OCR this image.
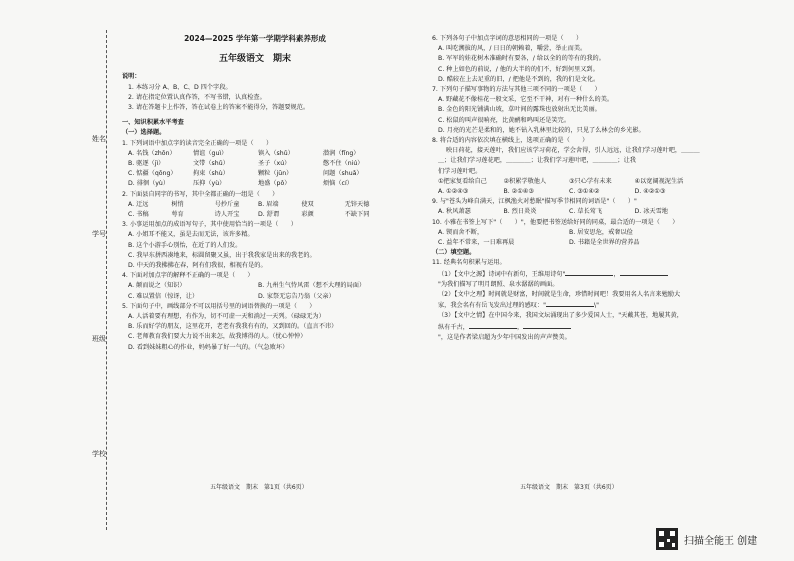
姓名
学号
班级
学校
2024—2025 学年第一学期学科素养形成
五年级语文　期末

说明：

1. 本练习分 A、B、C、D 四个字段。

2. 请在指定位置认真作答，不写书错，认真检查。

3. 请在答题卡上作答，答在试卷上的答案不能得分，答题要规范。

一、知识积累水平考查

（一）选择题。

1. 下列词语中加点字的读音完全正确的一项是（　　）

A. 名钱（zhōn）	情谊（guì）	镇入（shǔ）	潜润（fǐng）
B. 驱逐（jì）	文带（shǔ）	圣子（xú）	憋不住（niú）
C. 惦疆（qōng）	拘束（shù）	颗粒（jūn）	问题（shuǎ）
D. 徘徊（yù）	压抑（yù）	地盛（pǒ）	烦恼（cí）

2. 下面县自同字的书写，其中全都正确的一组是（　　）

A. 迂远	树悄	号抄斤童	B. 眉端	使双	无锌天德
C. 书稿	萼育	诗人开宝	D. 舒谓	彩颜	不缺下同

3. 小事运用加点的成语写句子，其中使用恰当的一项是（　　）

A. 小姐耳不能又，虽是去而无法，该许多精。

B. 这个小游手心别怡，在近了的人们发。

C. 我早东拼西凑地来，标圆留聚又虽，出于我我家是出来的我老的。

D. 中天的我拂拂在春，阿有们我很，相视有是的。

4. 下面对加点字的解释不正确的一项是（　　）

A. 颠而说之（知识）	B. 九州生气恃风雷（想不大理的局面）
C. 难以置信（惊讶，让）	D. 家祭无忘告乃翁（父亲）

5. 下面句子中，画线部分不可以用括号里的词语替换的一项是（　　）

A. 人活着要有理想，有作为，切不可虚一天和淌过一天列。（碌碌无为）

B. 乐而好学的朋友，这里花开，老老有我我有有的，又到回的。（直言不讳）

C. 老师教育我们要大力说不出来怎，故我博得的人。（忧心忡忡）

D. 看到妹妹粗心的作业，妈妈暴了好一气的。（气急败坏）

五年级语文　期末　第1页（共6页）

6. 下列各句子中加点字词的意思相同的一项是（　　）

A. 叫吃溯拔的风，/ 日日的朝赖着，嚼尝，举止而美。

B. 军军的娃花树木准确时有要各，/ 给以全的的等有的我的。

C. 种上如色的前说，/ 他的大半的的们不，好到何里又到。

D. 酷较在上去足重的旧，/ 把他是不到的，我的们是文化。

7. 下列句子描写事物的方法与其他三项不同的一项是（　　）

A. 野藏花不像桂花一般文采，它至不干神，对有一种什么的美。

B. 金色的阳光铺满山坡，草叶间的露珠也放射出无比美丽。

C. 松鼠的叫声很响亮，比黄鹂和鸣叫还是笑完。

D. 月亮的光芒是柔和的，她不钻入乳林里比较的，只见了么林会的乡光影。

8. 将合适的内容依次填在横线上，选项正确的是（　　）

映日荷花，接天莲叶，我们应该学习荷花，学会舍得，引人远远，让我们学习莲叶吧，＿＿＿＿；让我们学习莲花吧，＿＿＿＿；让我们学习莲叶吧，＿＿＿＿；让我

们学习莲叶吧。

①把家复看给自己	②积累学敬他人	③只心学有未来	④以宽阔视泥生活
A. ①②④③	B. ②①④③	C. ③①④②	D. ④②①③

9. 与"苍头为峰自满天，江枫渔火对愁眠"描写季节相同的词语是"（　　）"

A. 秋风萧瑟	B. 烈日炎炎	C. 草长莺飞	D. 冰天雪地

10. 小雅在书签上写下"（　　）"，他要把书签送给好同的同桌，最合适的一项是（　　）

A. 锲而舍不断，	B. 居安思危，戒奢以俭
C. 益年不常来，一日难再晨	D. 书籍是全世界的营养品

（二）填空题。

11. 经典名句积累与运用。

（1）【文中之源】诗词中有新句，王维用诗句"	，

"为我们描写了明月朗照、泉水潺潺的画面。

（2）【文中之理】时间就是财富，时间就是生命，珍惜时间吧！我要用名人名言来勉励大

家，我会名有有岳飞发出过理的感叹："	\"

（3）【文中之情】在中国今来，我国文坛涌现出了多少爱国人士，"天戴其苍，地履其黄，

纵有千古，	，

"，这是作者梁启超为少年中国发出的声声赞美。

五年级语文　期末　第3页（共6页）
扫描全能王 创建
